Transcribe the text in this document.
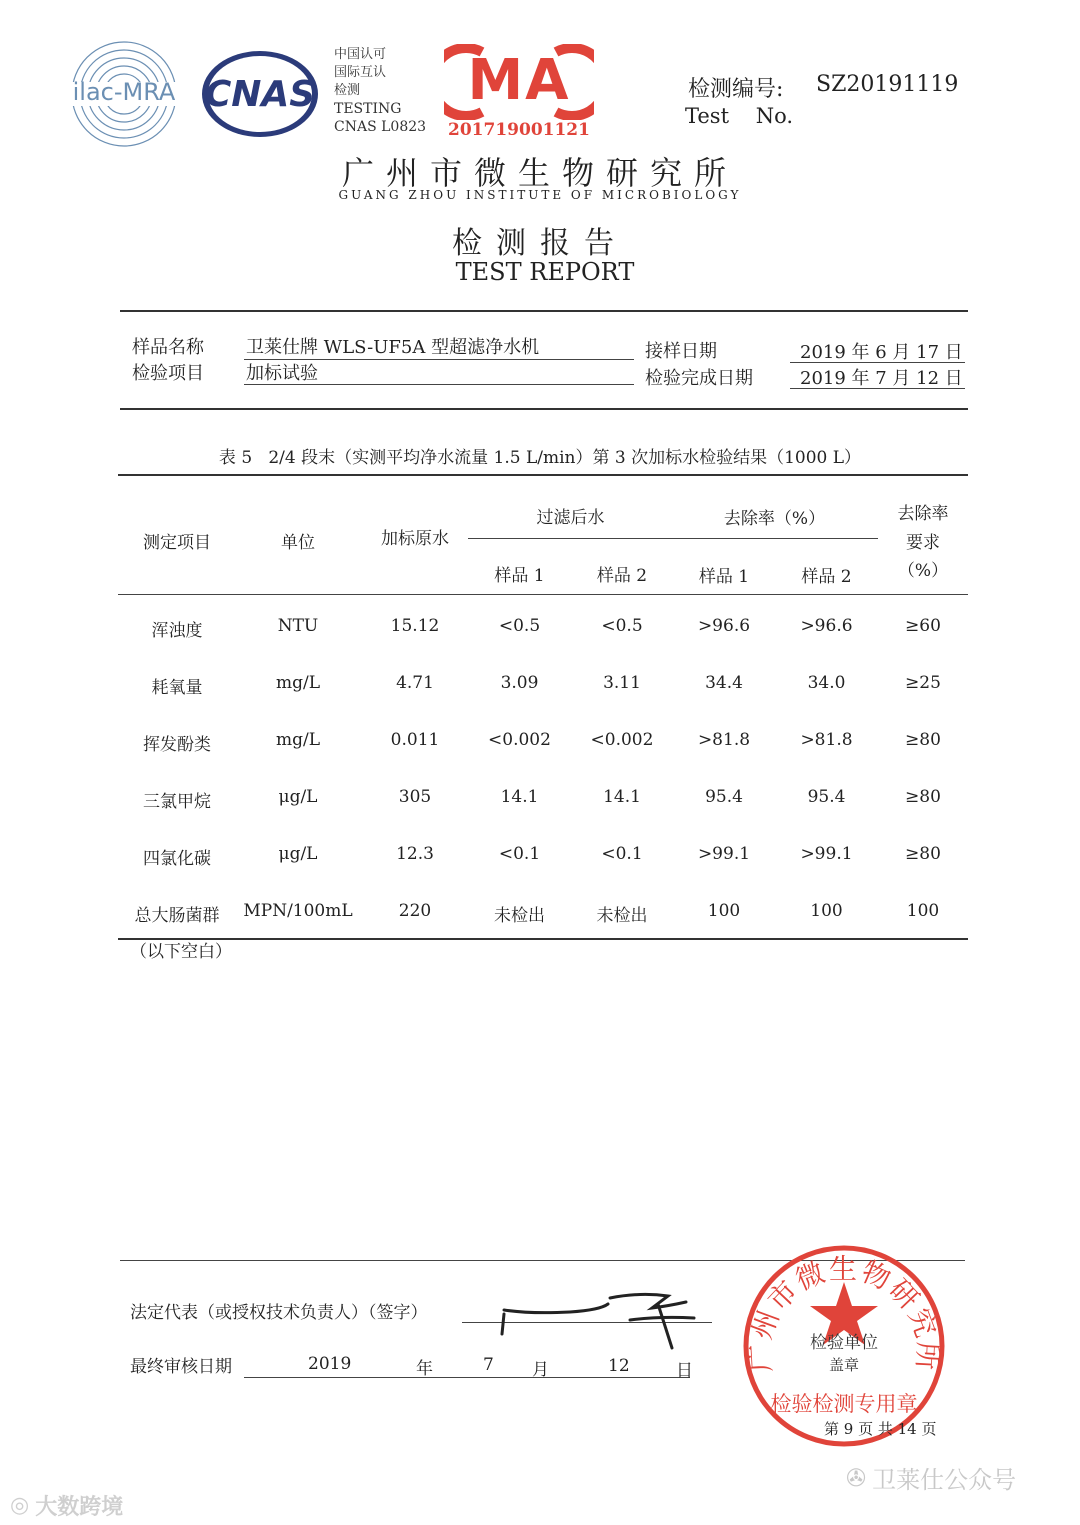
ilac-MRA CNAS
中国认可
国际互认
检测
TESTING
CNAS L0823
MA
201719001121
检测编号: SZ20191119
Test    No.
广州市微生物研究所
GUANG ZHOU INSTITUTE OF MICROBIOLOGY
检测报告
TEST REPORT
样品名称 卫莱仕牌 WLS-UF5A 型超滤净水机
检验项目 加标试验
接样日期	2019 年 6 月 17 日
检验完成日期	2019 年 7 月 12 日
表 5   2/4 段末（实测平均净水流量 1.5 L/min）第 3 次加标水检验结果（1000 L）
测定项目	单位	加标原水
过滤后水	去除率（%）	去除率
要求
（%）
样品 1	样品 2	样品 1	样品 2
浑浊度	NTU	15.12	<0.5	<0.5	>96.6	>96.6	≥60
耗氧量	mg/L	4.71	3.09	3.11	34.4	34.0	≥25
挥发酚类	mg/L	0.011	<0.002	<0.002	>81.8	>81.8	≥80
三氯甲烷	μg/L	305	14.1	14.1	95.4	95.4	≥80
四氯化碳	μg/L	12.3	<0.1	<0.1	>99.1	>99.1	≥80
总大肠菌群	MPN/100mL	220	未检出	未检出	100	100	100
（以下空白）
法定代表（或授权技术负责人）（签字）
最终审核日期	2019	年	7 月	12	日 广州市微生物研究所
检验单位
盖章
检验检测专用章
第 9 页 共 14 页
✇ 卫莱仕公众号
◎ 大数跨境
